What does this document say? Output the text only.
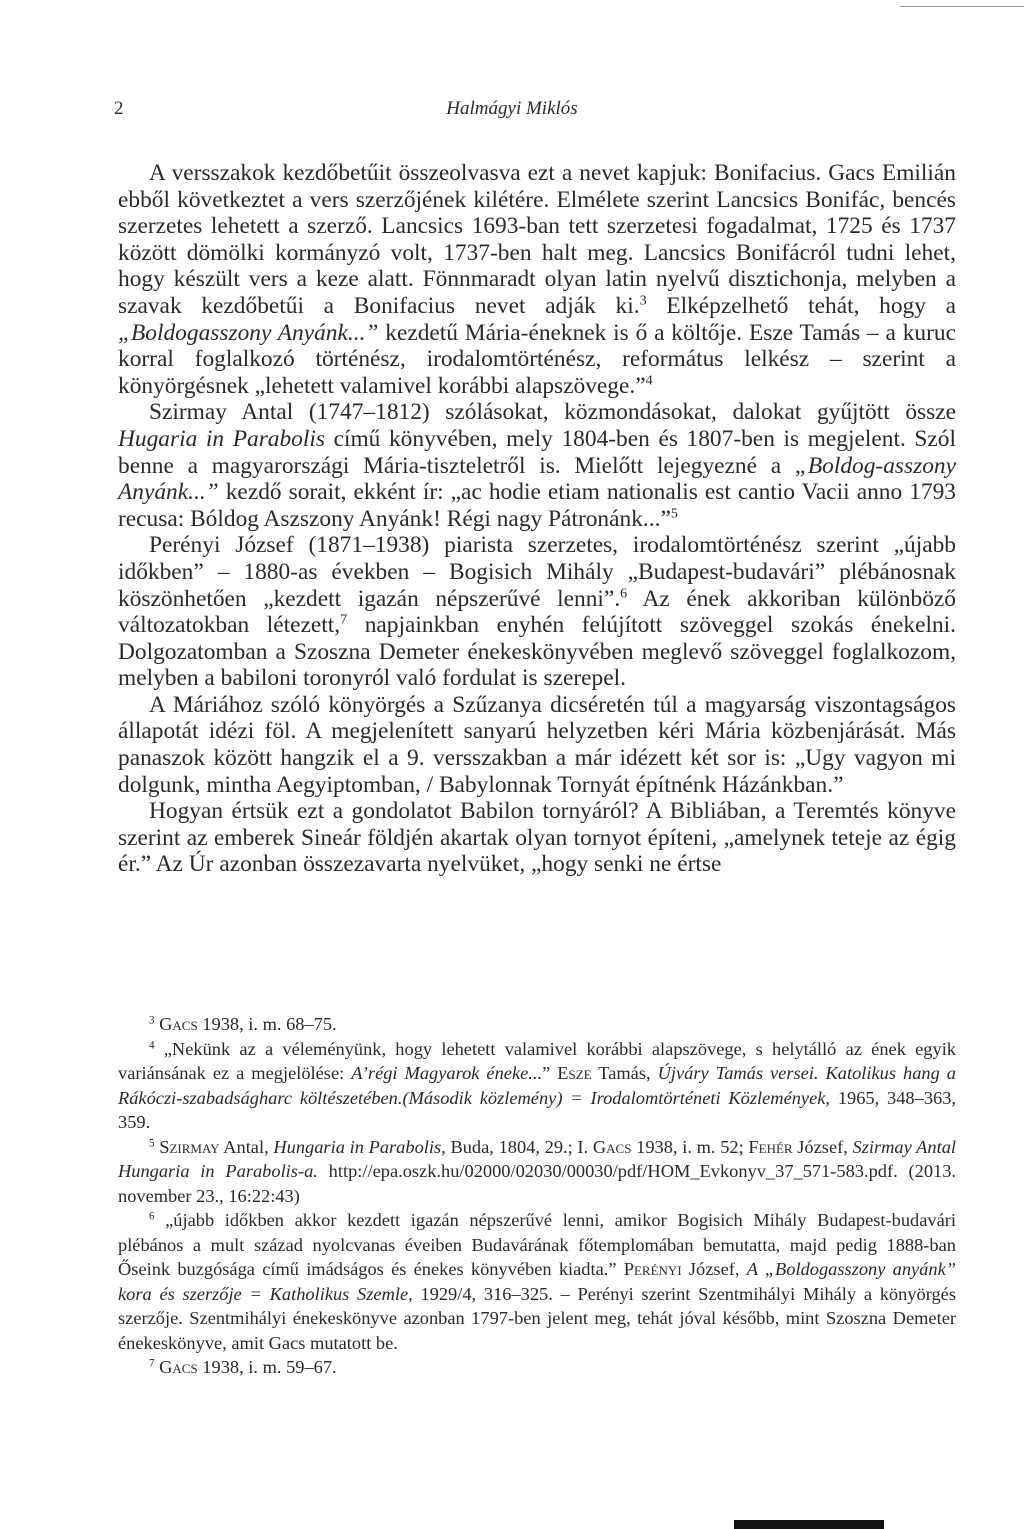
2	Halmágyi Miklós

A versszakok kezdőbetűit összeolvasva ezt a nevet kapjuk: Bonifacius. Gacs Emilián ebből következtet a vers szerzőjének kilétére. Elmélete szerint Lancsics Bonifác, bencés szerzetes lehetett a szerző. Lancsics 1693-ban tett szerzetesi fogadalmat, 1725 és 1737 között dömölki kormányzó volt, 1737-ben halt meg. Lancsics Bonifácról tudni lehet, hogy készült vers a keze alatt. Fönnmaradt olyan latin nyelvű disztichonja, melyben a szavak kezdőbetűi a Bonifacius nevet adják ki.$^3$ Elképzelhető tehát, hogy a „Boldogasszony Anyánk...” kezdetű Mária-éneknek is ő a költője. Esze Tamás – a kuruc korral foglalkozó történész, irodalomtörténész, református lelkész – szerint a könyörgésnek „lehetett valamivel korábbi alapszövege.”$^4$

Szirmay Antal (1747–1812) szólásokat, közmondásokat, dalokat gyűjtött össze Hugaria in Parabolis című könyvében, mely 1804-ben és 1807-ben is megjelent. Szól benne a magyarországi Mária-tiszteletről is. Mielőtt lejegyezné a „Boldog-asszony Anyánk...” kezdő sorait, ekként ír: „ac hodie etiam nationalis est cantio Vacii anno 1793 recusa: Bóldog Aszszony Anyánk! Régi nagy Pátronánk...”$^5$

Perényi József (1871–1938) piarista szerzetes, irodalomtörténész szerint „újabb időkben” – 1880-as években – Bogisich Mihály „Budapest-budavári” plébánosnak köszönhetően „kezdett igazán népszerűvé lenni”.$^6$ Az ének akkoriban különböző változatokban létezett,$^7$ napjainkban enyhén felújított szöveggel szokás énekelni. Dolgozatomban a Szoszna Demeter énekeskönyvében meglevő szöveggel foglalkozom, melyben a babiloni toronyról való fordulat is szerepel.

A Máriához szóló könyörgés a Szűzanya dicséretén túl a magyarság viszontagságos állapotát idézi föl. A megjelenített sanyarú helyzetben kéri Mária közbenjárását. Más panaszok között hangzik el a 9. versszakban a már idézett két sor is: „Ugy vagyon mi dolgunk, mintha Aegyiptomban, / Babylonnak Tornyát építnénk Házánkban.”

Hogyan értsük ezt a gondolatot Babilon tornyáról? A Bibliában, a Teremtés könyve szerint az emberek Sineár földjén akartak olyan tornyot építeni, „amelynek teteje az égig ér.” Az Úr azonban összezavarta nyelvüket, „hogy senki ne értse

$^3$ Gacs 1938, i. m. 68–75.

$^4$ „Nekünk az a véleményünk, hogy lehetett valamivel korábbi alapszövege, s helytálló az ének egyik variánsának ez a megjelölése: A’régi Magyarok éneke...” Esze Tamás, Újváry Tamás versei. Katolikus hang a Rákóczi-szabadságharc költészetében.(Második közlemény) = Irodalomtörténeti Közlemények, 1965, 348–363, 359.

$^5$ Szirmay Antal, Hungaria in Parabolis, Buda, 1804, 29.; I. Gacs 1938, i. m. 52; Fehér József, Szirmay Antal Hungaria in Parabolis-a. http://epa.oszk.hu/02000/02030/00030/pdf/HOM_Evkonyv_37_571-583.pdf. (2013. november 23., 16:22:43)

$^6$ „újabb időkben akkor kezdett igazán népszerűvé lenni, amikor Bogisich Mihály Budapest-budavári plébános a mult század nyolcvanas éveiben Budavárának főtemplomában bemutatta, majd pedig 1888-ban Őseink buzgósága című imádságos és énekes könyvében kiadta.” Perényi József, A „Boldogasszony anyánk” kora és szerzője = Katholikus Szemle, 1929/4, 316–325. – Perényi szerint Szentmihályi Mihály a könyörgés szerzője. Szentmihályi énekeskönyve azonban 1797-ben jelent meg, tehát jóval később, mint Szoszna Demeter énekeskönyve, amit Gacs mutatott be.

$^7$ Gacs 1938, i. m. 59–67.
